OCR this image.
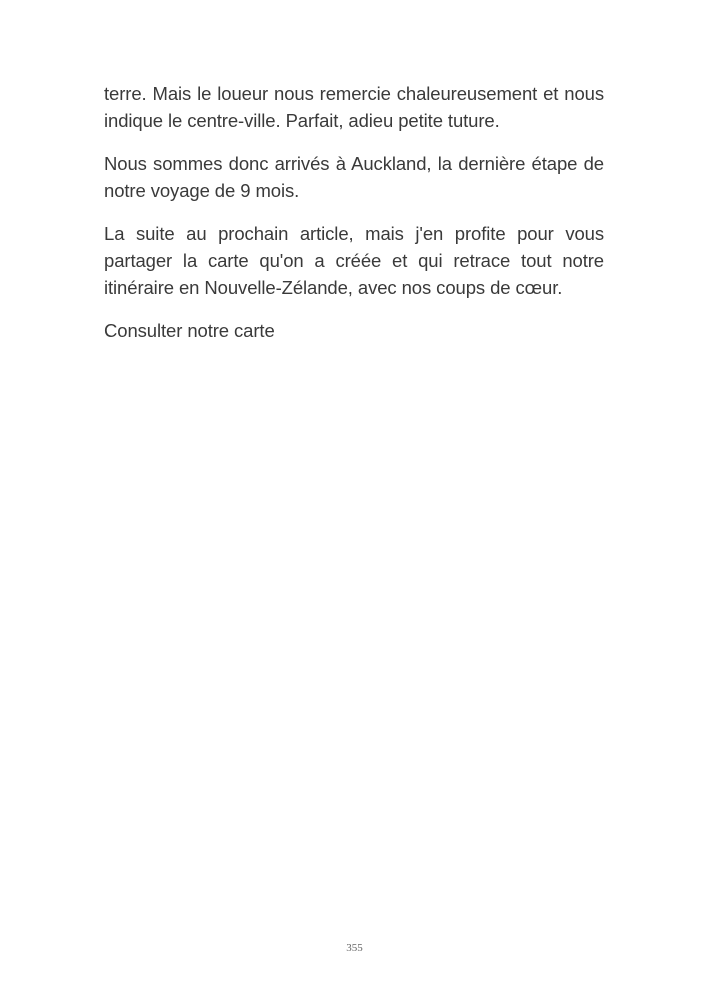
terre. Mais le loueur nous remercie chaleureusement et nous indique le centre-ville. Parfait, adieu petite tuture.

Nous sommes donc arrivés à Auckland, la dernière étape de notre voyage de 9 mois.

La suite au prochain article, mais j'en profite pour vous partager la carte qu'on a créée et qui retrace tout notre itinéraire en Nouvelle-Zélande, avec nos coups de cœur.

Consulter notre carte

355
